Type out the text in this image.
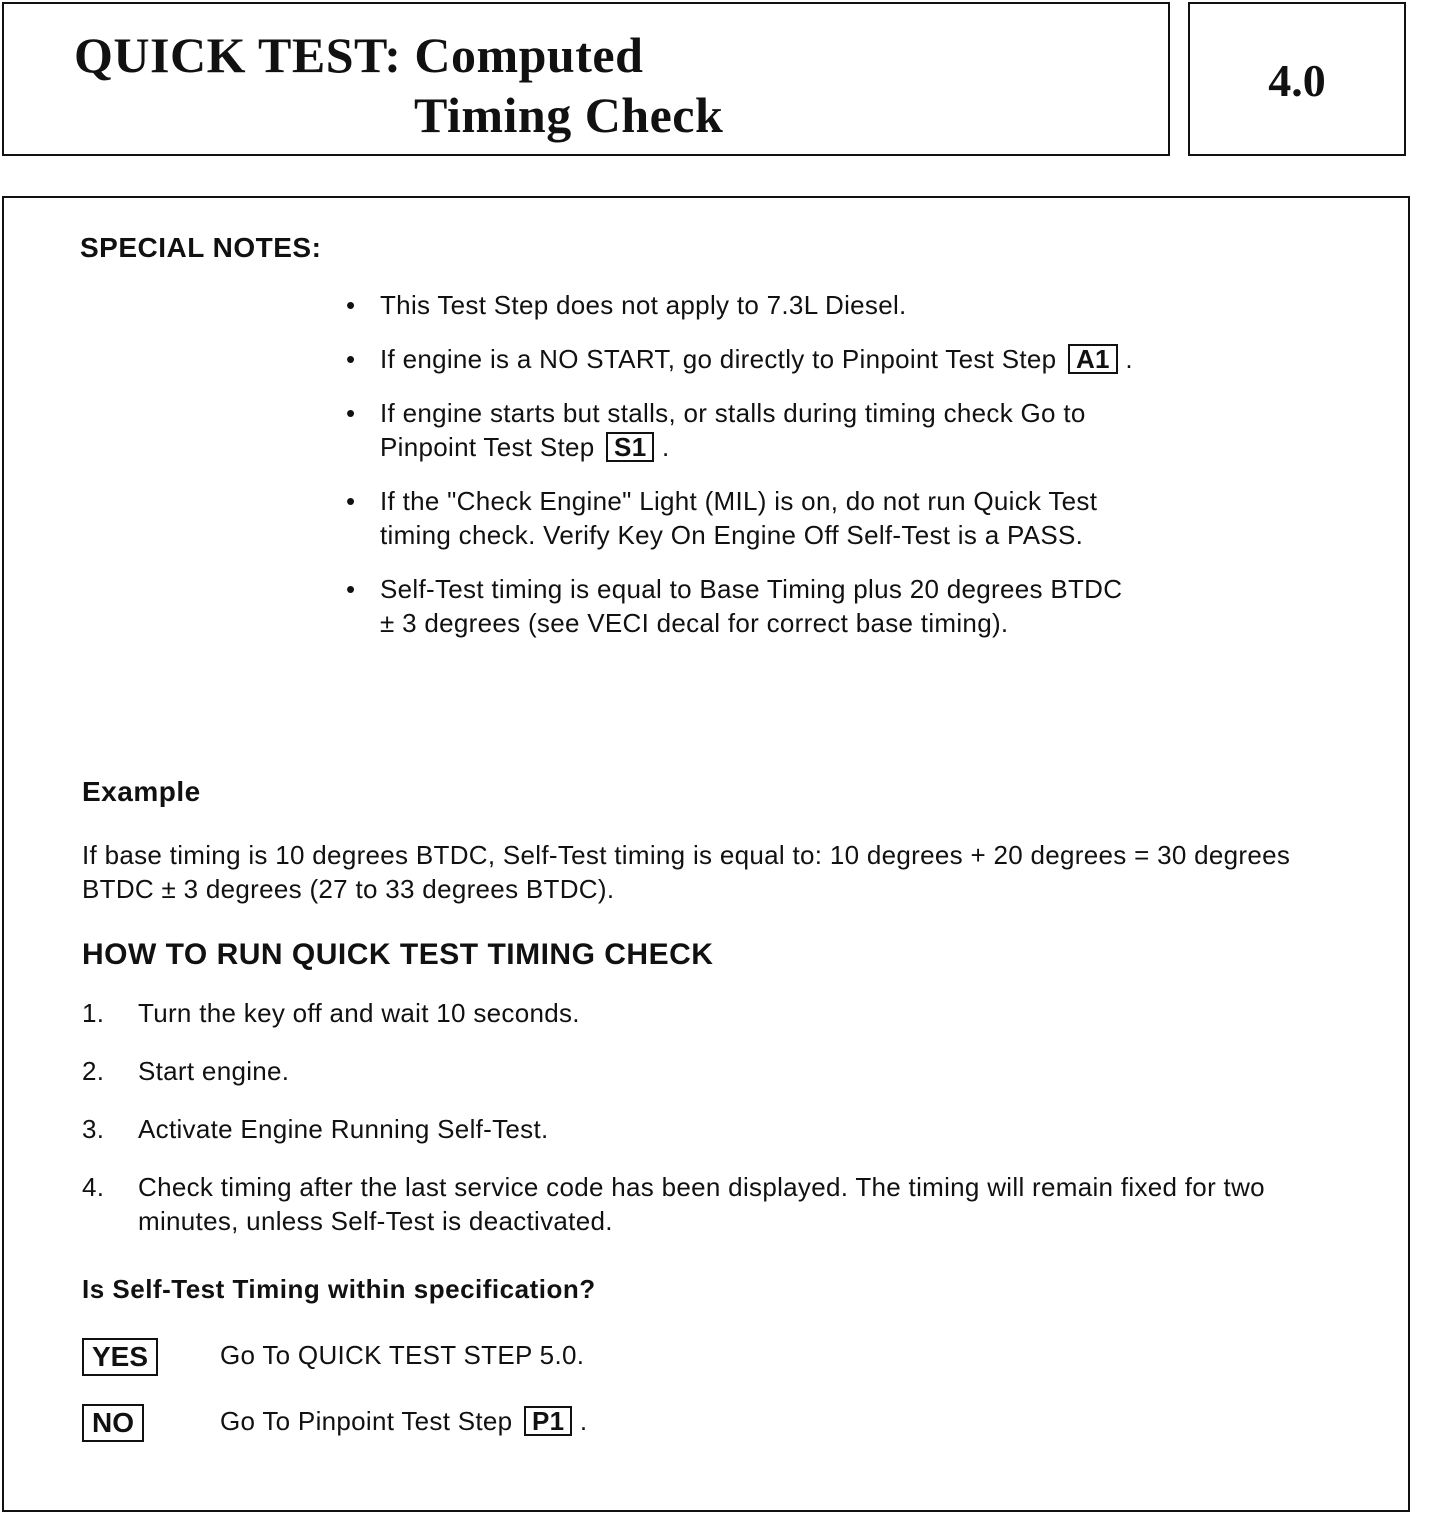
QUICK TEST: Computed
Timing Check
4.0
SPECIAL NOTES:
• This Test Step does not apply to 7.3L Diesel.
• If engine is a NO START, go directly to Pinpoint Test Step A1 .
• If engine starts but stalls, or stalls during timing check Go to Pinpoint Test Step S1 .
• If the "Check Engine" Light (MIL) is on, do not run Quick Test timing check. Verify Key On Engine Off Self-Test is a PASS.
• Self-Test timing is equal to Base Timing plus 20 degrees BTDC ± 3 degrees (see VECI decal for correct base timing).
Example

If base timing is 10 degrees BTDC, Self-Test timing is equal to: 10 degrees + 20 degrees = 30 degrees BTDC ± 3 degrees (27 to 33 degrees BTDC).

HOW TO RUN QUICK TEST TIMING CHECK
1. Turn the key off and wait 10 seconds.
2. Start engine.
3. Activate Engine Running Self-Test.
4. Check timing after the last service code has been displayed. The timing will remain fixed for two minutes, unless Self-Test is deactivated.
Is Self-Test Timing within specification?
YES	Go To QUICK TEST STEP 5.0.
NO	Go To Pinpoint Test Step P1 .
